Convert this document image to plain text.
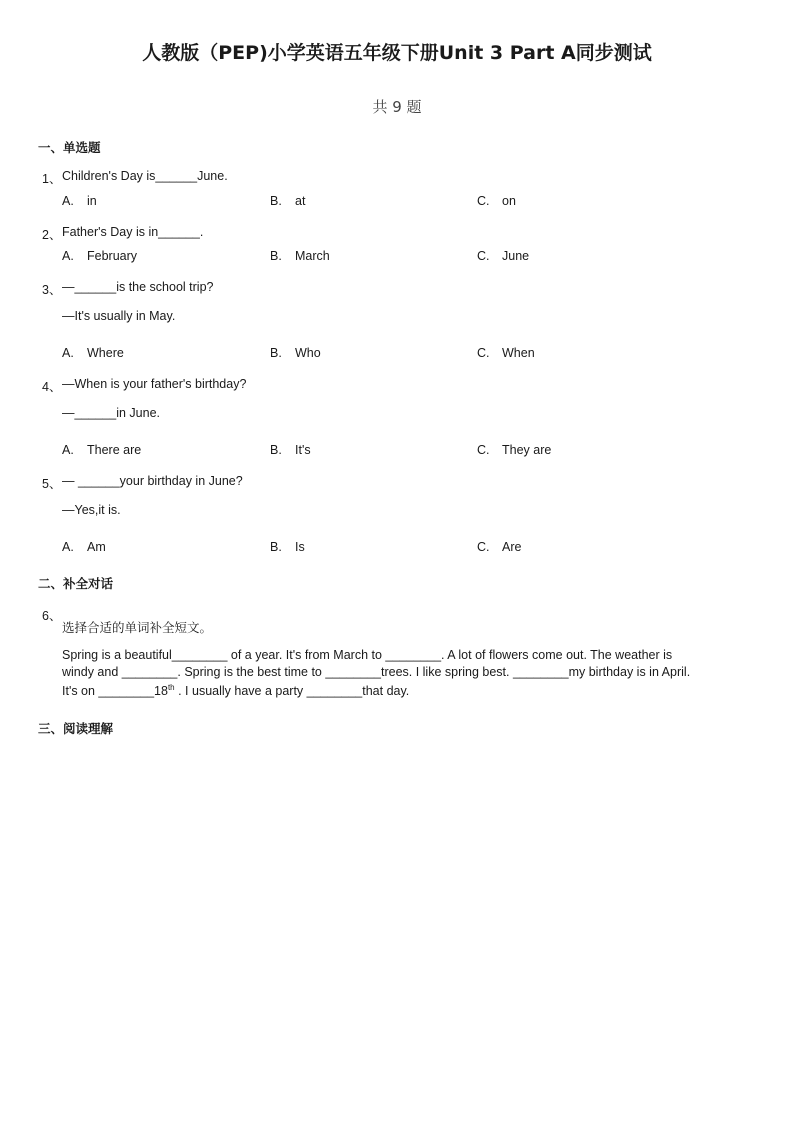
人教版（PEP)小学英语五年级下册Unit 3 Part A同步测试
共 9 题
一、单选题
1、 Children's Day is______June.
A. in	B. at	C. on
2、 Father's Day is in______.
A. February	B. March	C. June
3、 —______is the school trip?
—It's usually in May.
A. Where	B. Who	C. When
4、 —When is your father's birthday?
—______in June.
A. There are	B. It's	C. They are
5、 — ______your birthday in June?
—Yes,it is.
A. Am	B. Is	C. Are
二、补全对话
6、
选择合适的单词补全短文。

Spring is a beautiful________ of a year. It's from March to ________. A lot of flowers come out. The weather is

windy and ________. Spring is the best time to ________trees. I like spring best. ________my birthday is in April.

It's on ________18th . I usually have a party ________that day.

三、阅读理解
